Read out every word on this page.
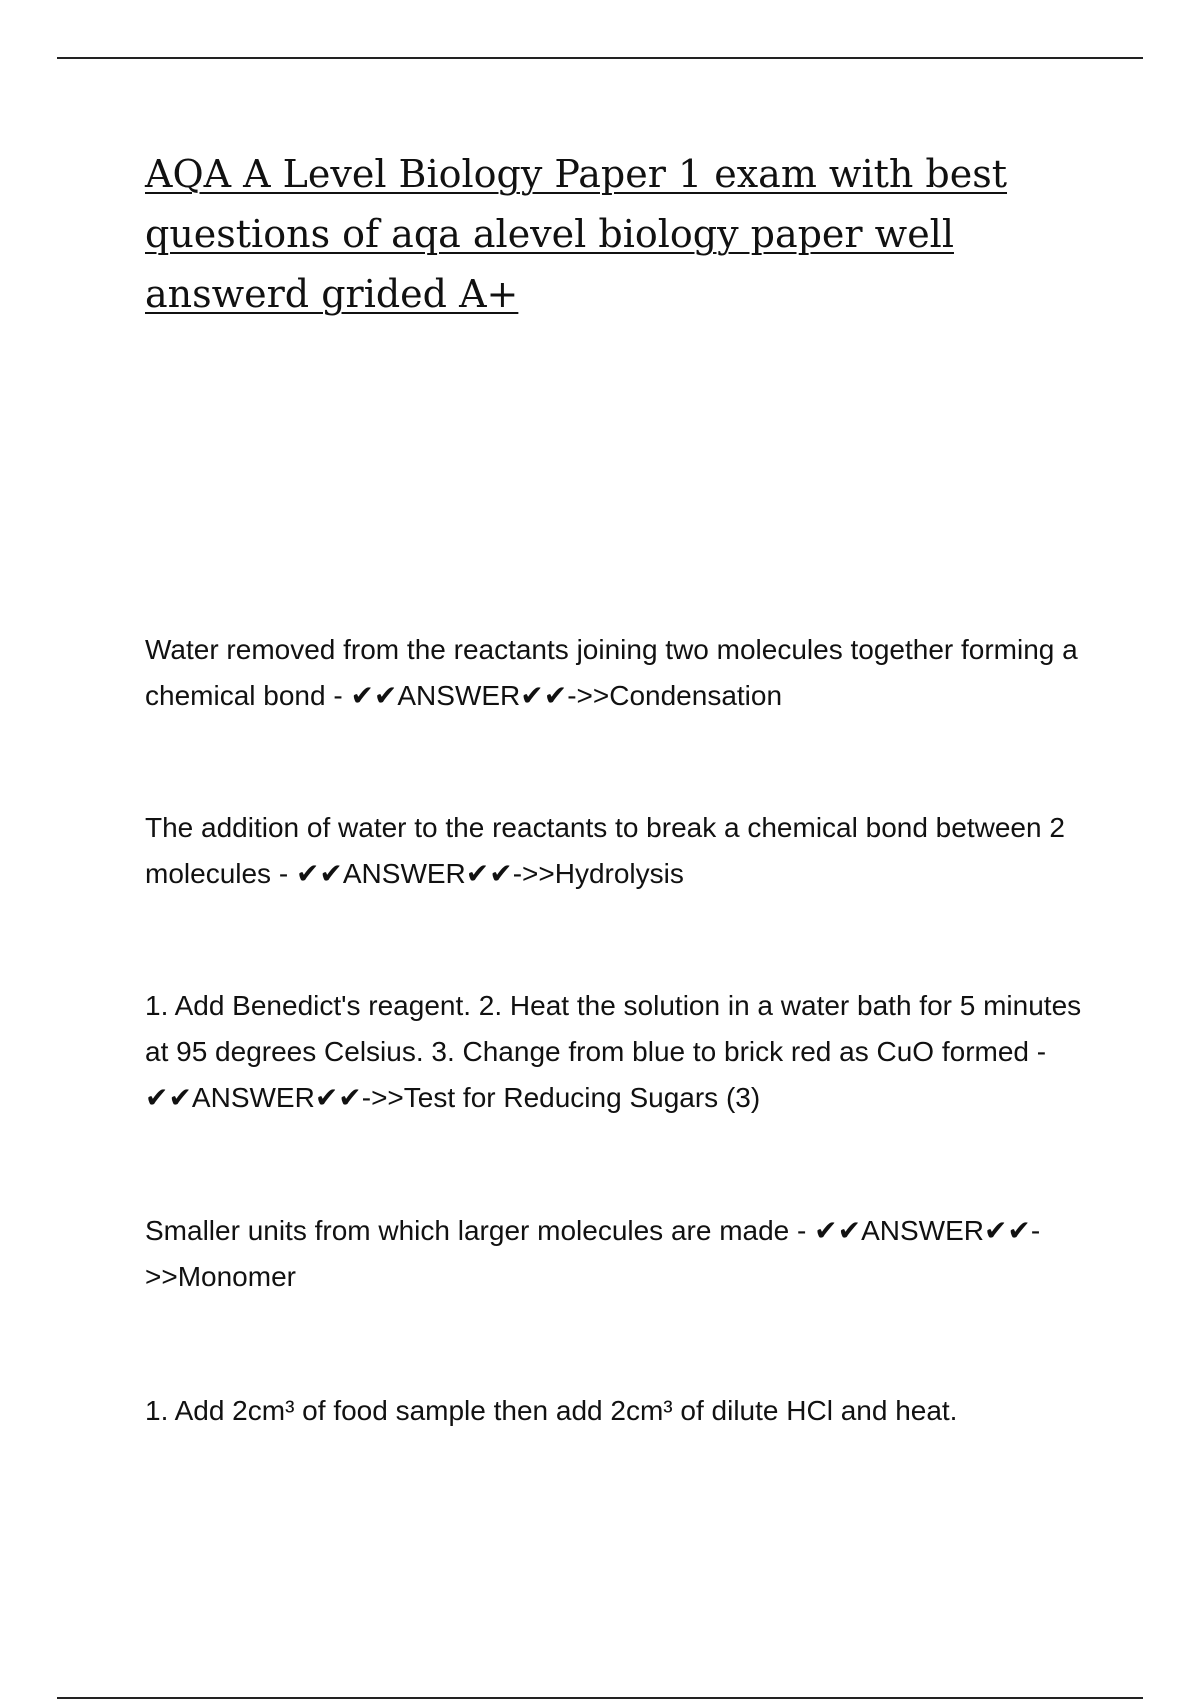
AQA A Level Biology Paper 1 exam with best questions of aqa alevel biology paper well answerd grided A+

Water removed from the reactants joining two molecules together forming a chemical bond - ✔✔ANSWER✔✔->>Condensation

The addition of water to the reactants to break a chemical bond between 2 molecules - ✔✔ANSWER✔✔->>Hydrolysis

1. Add Benedict's reagent. 2. Heat the solution in a water bath for 5 minutes at 95 degrees Celsius. 3. Change from blue to brick red as CuO formed - ✔✔ANSWER✔✔->>Test for Reducing Sugars (3)

Smaller units from which larger molecules are made - ✔✔ANSWER✔✔->>Monomer

1. Add 2cm³ of food sample then add 2cm³ of dilute HCl and heat.
